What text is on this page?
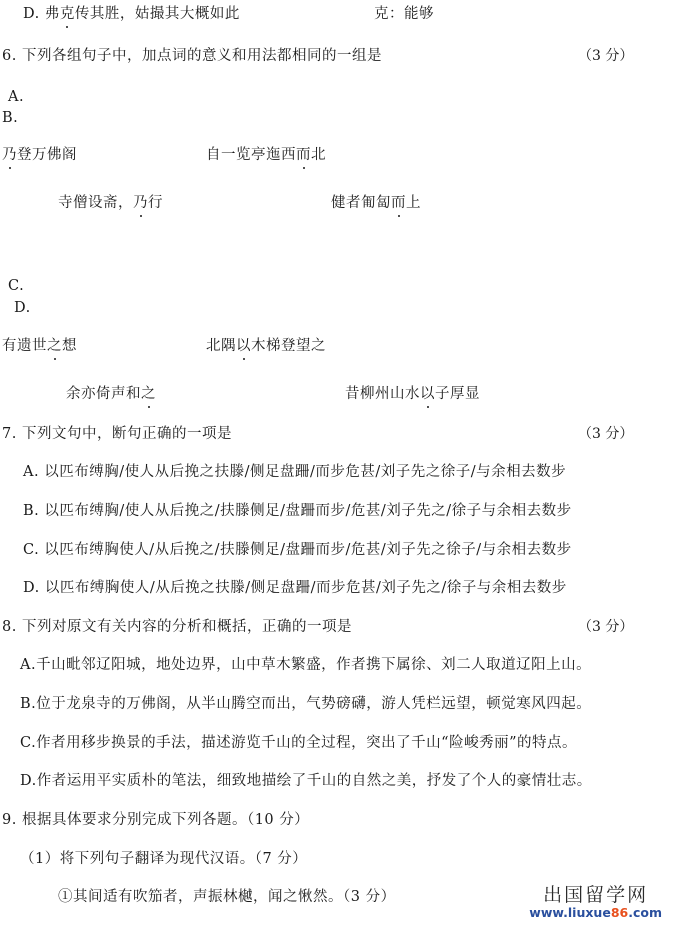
D. 弗克传其胜，姑撮其大概如此	克：能够
6. 下列各组句子中，加点词的意义和用法都相同的一组是	（3 分）
A.
B.
乃登万佛阁	自一览亭迤西而北
寺僧设斋，乃行	健者匍匐而上
C.
D.
有遗世之想	北隅以木梯登望之
余亦倚声和之	昔柳州山水以子厚显
7. 下列文句中，断句正确的一项是	（3 分）
A. 以匹布缚胸/使人从后挽之扶滕/侧足盘跚/而步危甚/刘子先之徐子/与余相去数步
B. 以匹布缚胸/使人从后挽之/扶滕侧足/盘跚而步/危甚/刘子先之/徐子与余相去数步
C. 以匹布缚胸使人/从后挽之/扶滕侧足/盘跚而步/危甚/刘子先之徐子/与余相去数步
D. 以匹布缚胸使人/从后挽之扶滕/侧足盘跚/而步危甚/刘子先之/徐子与余相去数步
8. 下列对原文有关内容的分析和概括，正确的一项是	（3 分）
A.千山毗邻辽阳城，地处边界，山中草木繁盛，作者携下属徐、刘二人取道辽阳上山。
B.位于龙泉寺的万佛阁，从半山腾空而出，气势磅礴，游人凭栏远望，顿觉寒风四起。
C.作者用移步换景的手法，描述游览千山的全过程，突出了千山“险峻秀丽”的特点。
D.作者运用平实质朴的笔法，细致地描绘了千山的自然之美，抒发了个人的豪情壮志。
9. 根据具体要求分别完成下列各题。（10 分）
（1）将下列句子翻译为现代汉语。（7 分）
①其间适有吹笳者，声振林樾，闻之愀然。（3 分）	出国留学网
www.liuxue86.com
